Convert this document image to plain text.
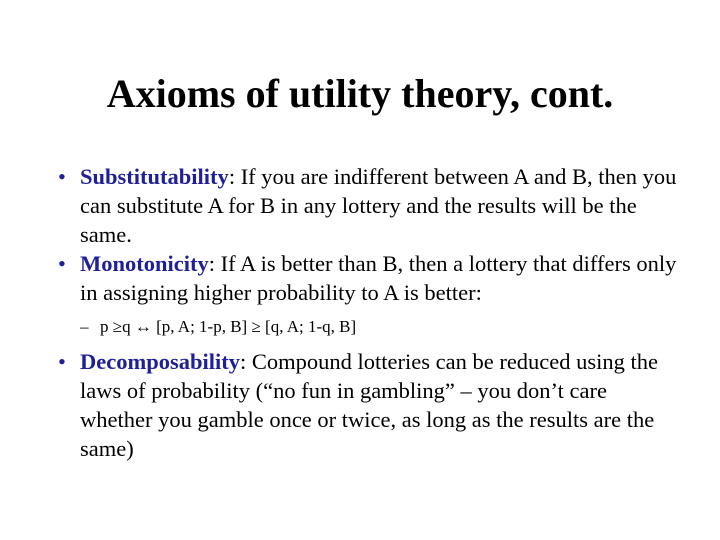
Axioms of utility theory, cont.
• Substitutability: If you are indifferent between A and B, then you can substitute A for B in any lottery and the results will be the same.
• Monotonicity: If A is better than B, then a lottery that differs only in assigning higher probability to A is better:
– p ≥q ↔ [p, A; 1-p, B] ≥ [q, A; 1-q, B]
• Decomposability: Compound lotteries can be reduced using the laws of probability (“no fun in gambling” – you don’t care whether you gamble once or twice, as long as the results are the same)
